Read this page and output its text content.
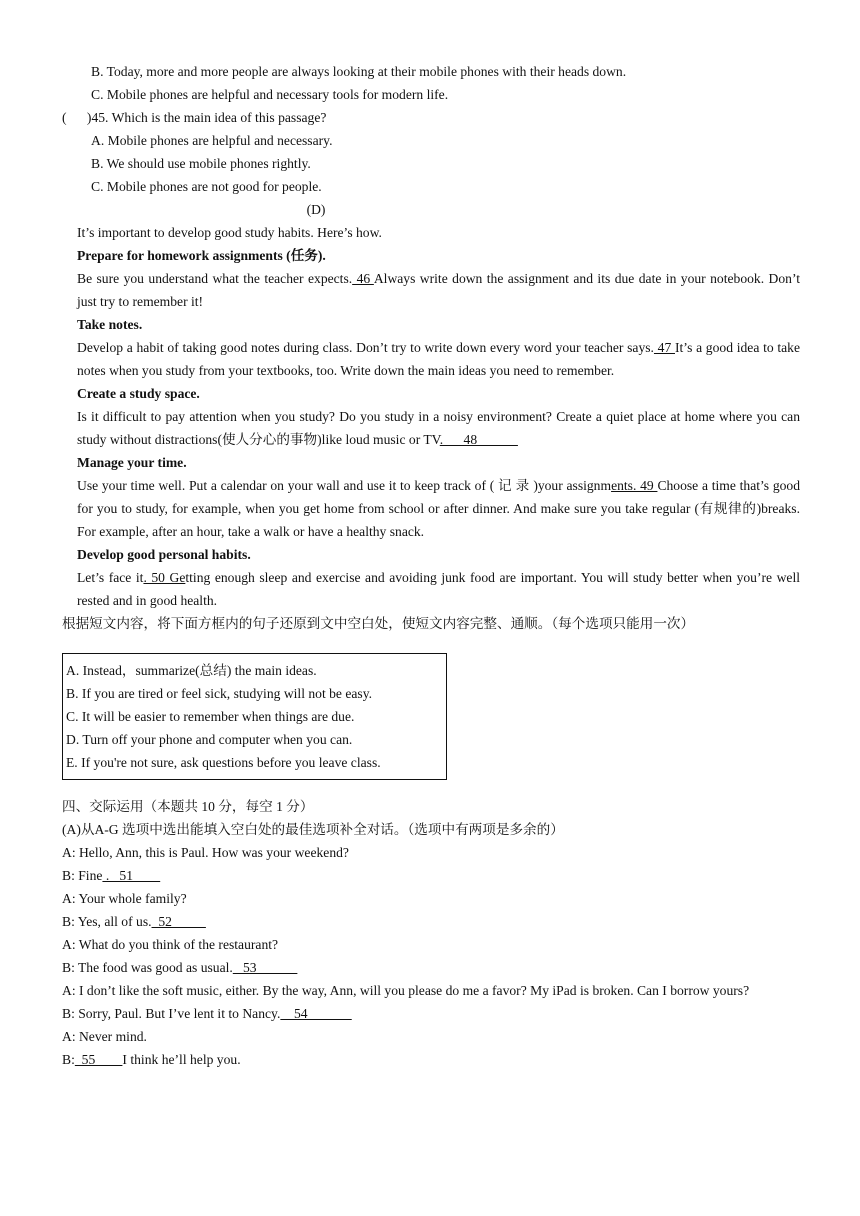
B. Today, more and more people are always looking at their mobile phones with their heads down.
C. Mobile phones are helpful and necessary tools for modern life.
(      )45. Which is the main idea of this passage?
A. Mobile phones are helpful and necessary.
B. We should use mobile phones rightly.
C. Mobile phones are not good for people.
(D)
It’s important to develop good study habits. Here’s how.
Prepare for homework assignments (任务).
Be sure you understand what the teacher expects. 46 Always write down the assignment and its due date in your notebook. Don’t just try to remember it!
Take notes.
Develop a habit of taking good notes during class. Don’t try to write down every word your teacher says. 47 It’s a good idea to take notes when you study from your textbooks, too. Write down the main ideas you need to remember.
Create a study space.
Is it difficult to pay attention when you study? Do you study in a noisy environment? Create a quiet place at home where you can study without distractions(使人分心的事物)like loud music or TV.      48
Manage your time.
Use your time well. Put a calendar on your wall and use it to keep track of ( 记 录 )your assignments. 49 Choose a time that’s good for you to study, for example, when you get home from school or after dinner. And make sure you take regular (有规律的)breaks. For example, after an hour, take a walk or have a healthy snack.
Develop good personal habits.
Let’s face it. 50 Getting enough sleep and exercise and avoiding junk food are important. You will study better when you’re well rested and in good health.
根据短文内容，将下面方框内的句子还原到文中空白处，使短文内容完整、通顺。（每个选项只能用一次）
A. Instead，summarize(总结) the main ideas.
B. If you are tired or feel sick, studying will not be easy.
C. It will be easier to remember when things are due.
D. Turn off your phone and computer when you can.
E. If you're not sure, ask questions before you leave class.
四、交际运用（本题共 10 分，每空 1 分）
(A)从A-G 选项中选出能填入空白处的最佳选项补全对话。（选项中有两项是多余的）
A: Hello, Ann, this is Paul. How was your weekend?
B: Fine .   51
A: Your whole family?
B: Yes, all of us.  52
A: What do you think of the restaurant?
B: The food was good as usual.   53
A: I don’t like the soft music, either. By the way, Ann, will you please do me a favor? My iPad is broken. Can I borrow yours?
B: Sorry, Paul. But I’ve lent it to Nancy.    54
A: Never mind.
B:  55        I think he’ll help you.
